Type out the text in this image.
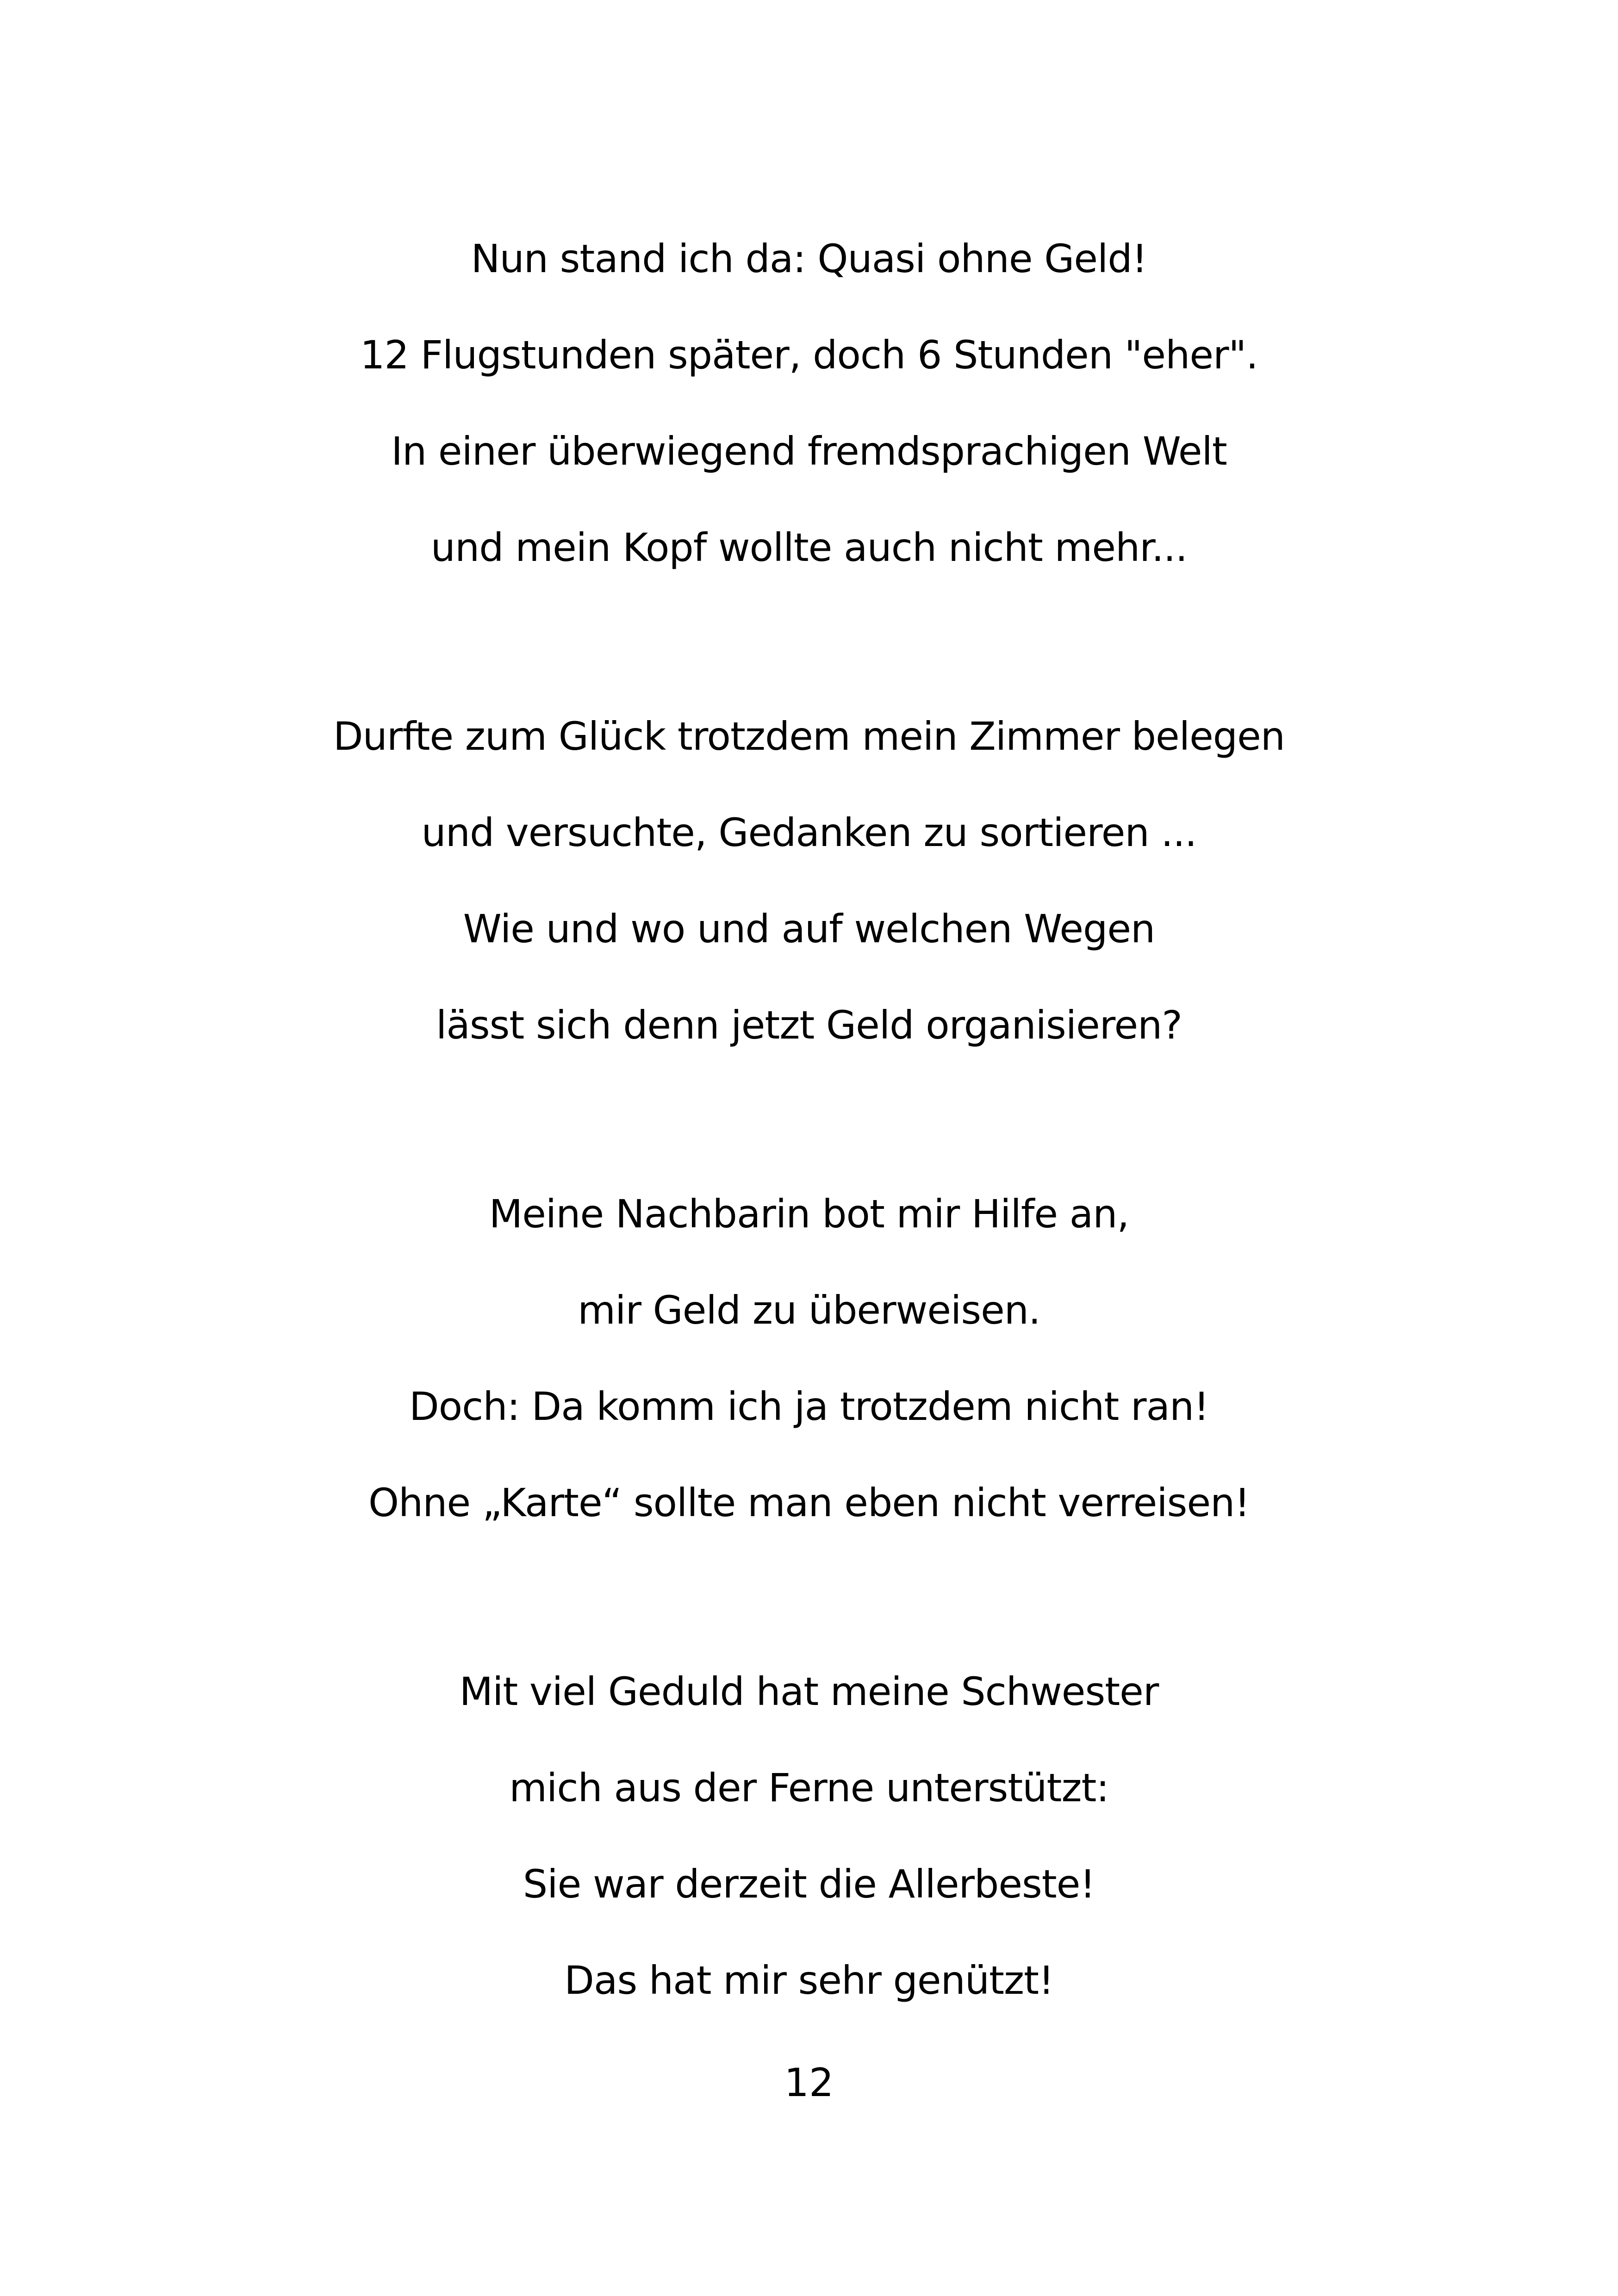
Nun stand ich da: Quasi ohne Geld!
12 Flugstunden später, doch 6 Stunden "eher".
In einer überwiegend fremdsprachigen Welt
und mein Kopf wollte auch nicht mehr...
Durfte zum Glück trotzdem mein Zimmer belegen
und versuchte, Gedanken zu sortieren ...
Wie und wo und auf welchen Wegen
lässt sich denn jetzt Geld organisieren?
Meine Nachbarin bot mir Hilfe an,
mir Geld zu überweisen.
Doch: Da komm ich ja trotzdem nicht ran!
Ohne „Karte“ sollte man eben nicht verreisen!
Mit viel Geduld hat meine Schwester
mich aus der Ferne unterstützt:
Sie war derzeit die Allerbeste!
Das hat mir sehr genützt!
12
